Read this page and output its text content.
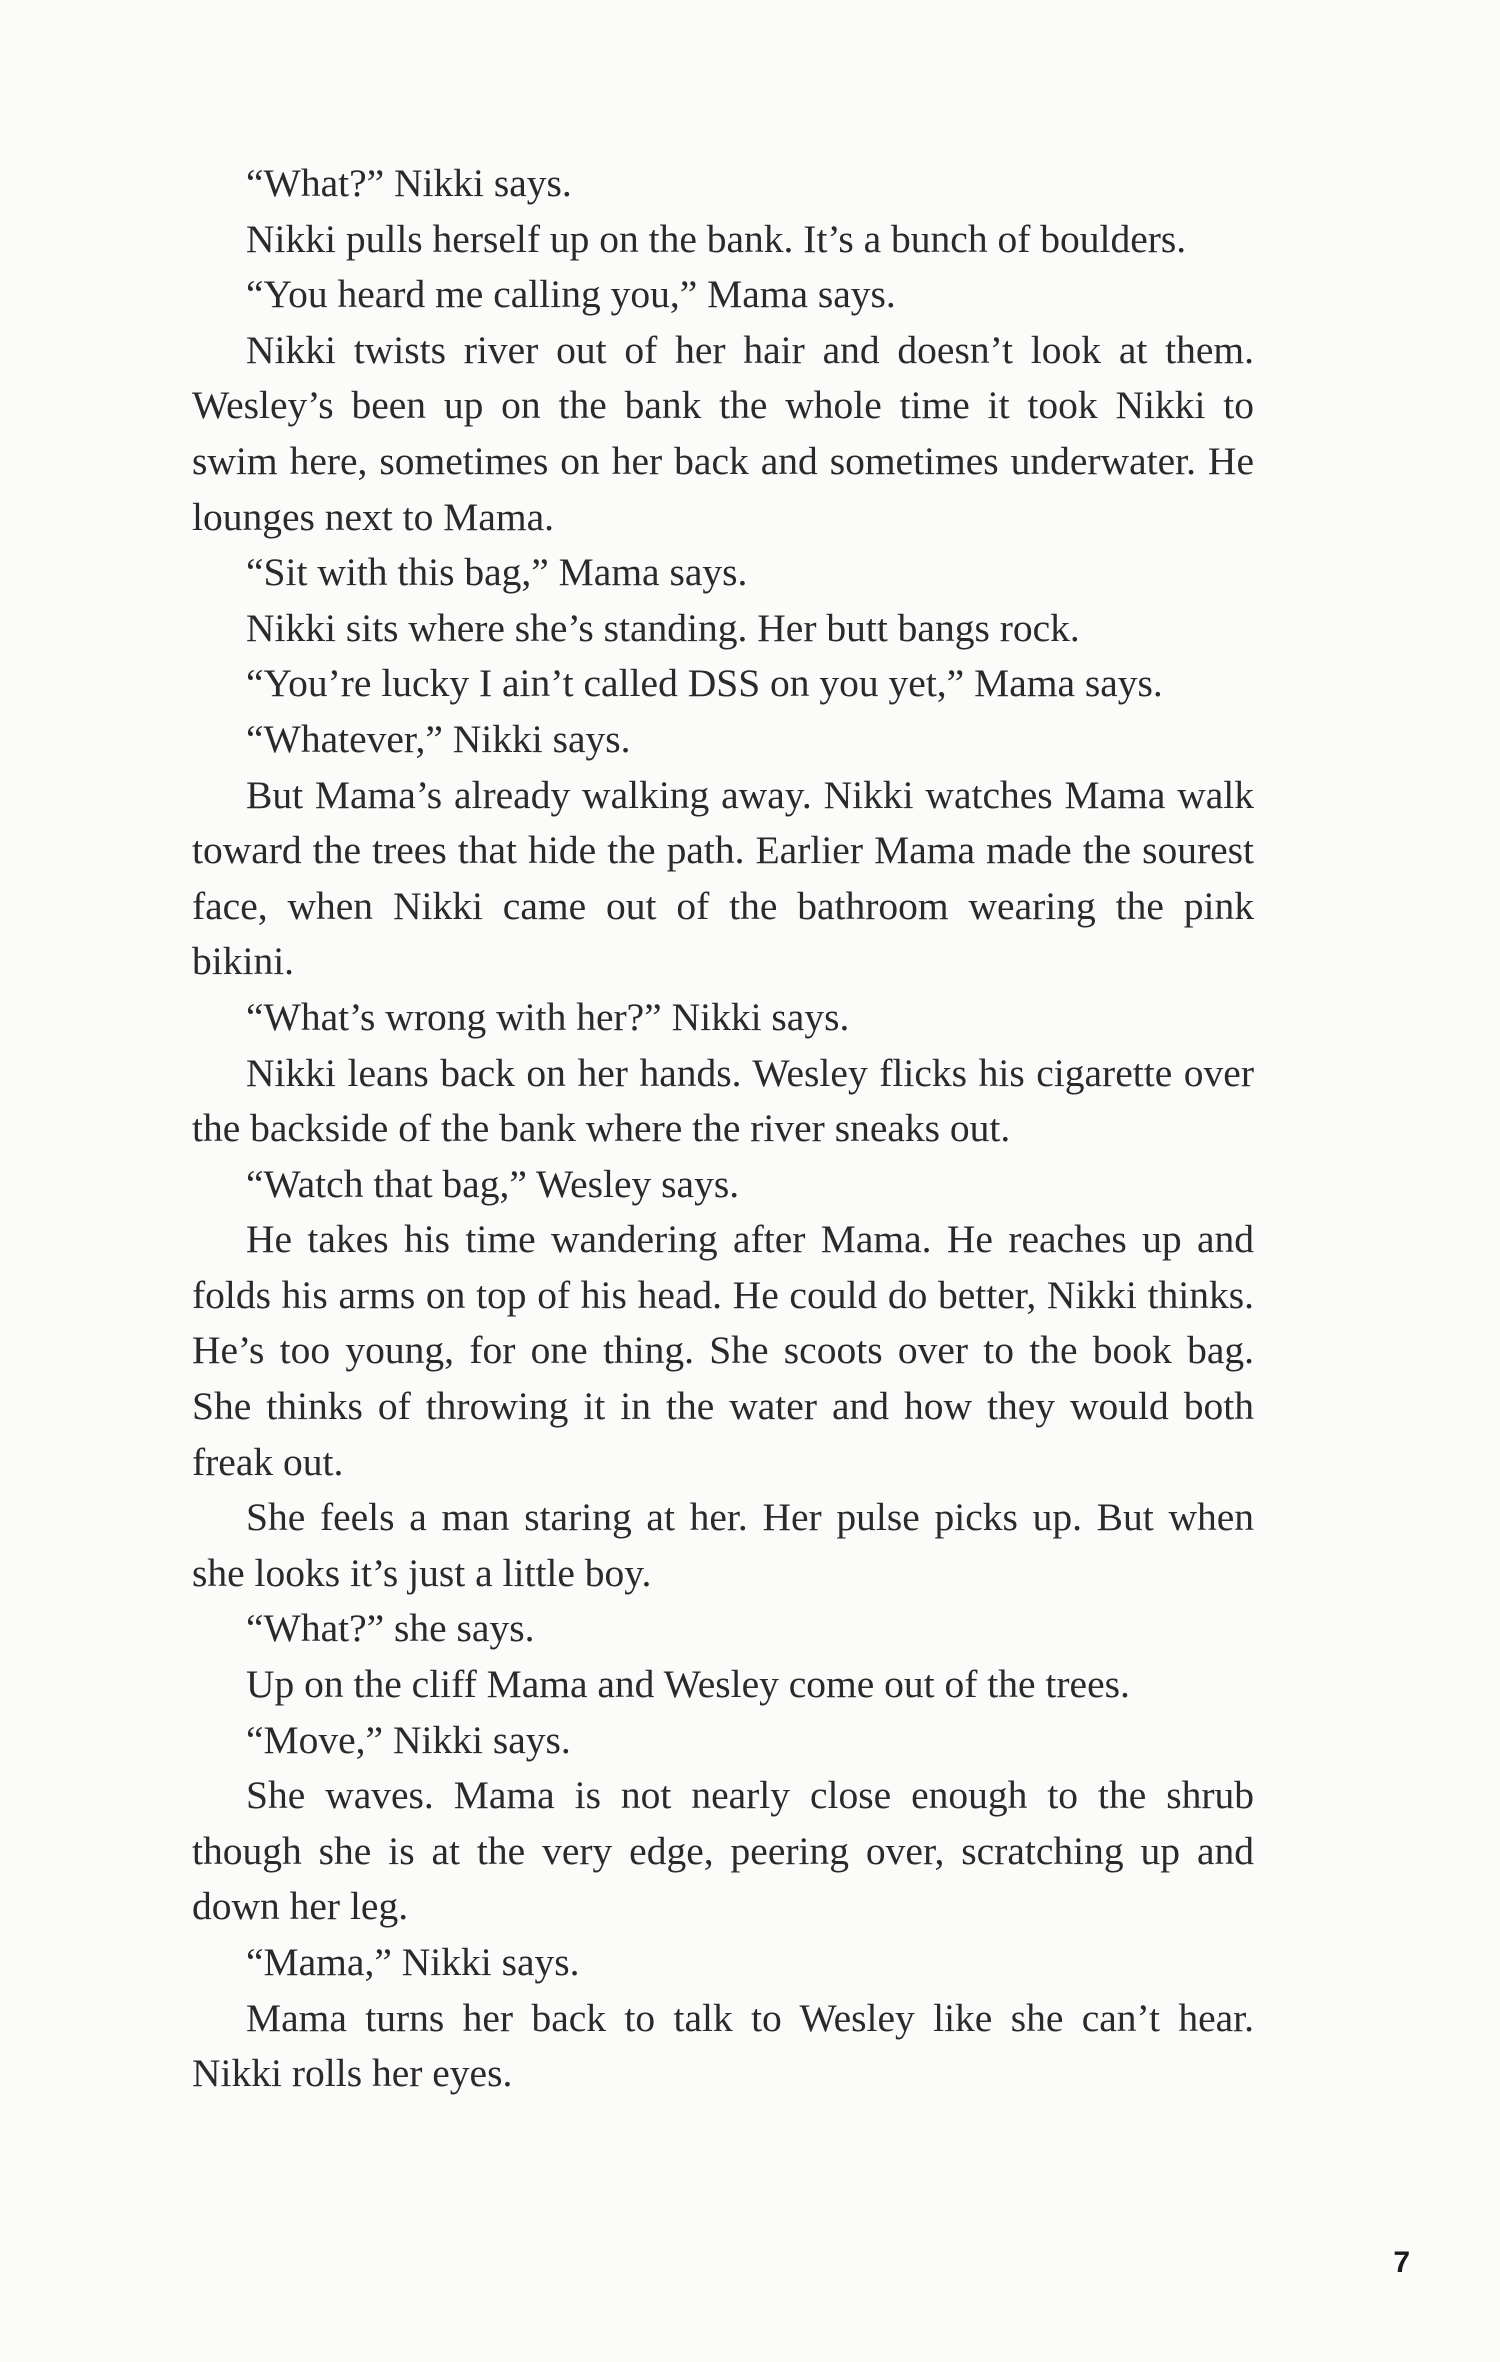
“What?” Nikki says.

Nikki pulls herself up on the bank. It’s a bunch of boulders.

“You heard me calling you,” Mama says.

Nikki twists river out of her hair and doesn’t look at them. Wesley’s been up on the bank the whole time it took Nikki to swim here, sometimes on her back and sometimes underwater. He lounges next to Mama.

“Sit with this bag,” Mama says.

Nikki sits where she’s standing. Her butt bangs rock.

“You’re lucky I ain’t called DSS on you yet,” Mama says.

“Whatever,” Nikki says.

But Mama’s already walking away. Nikki watches Mama walk toward the trees that hide the path. Earlier Mama made the sourest face, when Nikki came out of the bathroom wearing the pink bikini.

“What’s wrong with her?” Nikki says.

Nikki leans back on her hands. Wesley flicks his cigarette over the backside of the bank where the river sneaks out.

“Watch that bag,” Wesley says.

He takes his time wandering after Mama. He reaches up and folds his arms on top of his head. He could do better, Nikki thinks. He’s too young, for one thing. She scoots over to the book bag. She thinks of throwing it in the water and how they would both freak out.

She feels a man staring at her. Her pulse picks up. But when she looks it’s just a little boy.

“What?” she says.

Up on the cliff Mama and Wesley come out of the trees.

“Move,” Nikki says.

She waves. Mama is not nearly close enough to the shrub though she is at the very edge, peering over, scratching up and down her leg.

“Mama,” Nikki says.

Mama turns her back to talk to Wesley like she can’t hear. Nikki rolls her eyes.

7
